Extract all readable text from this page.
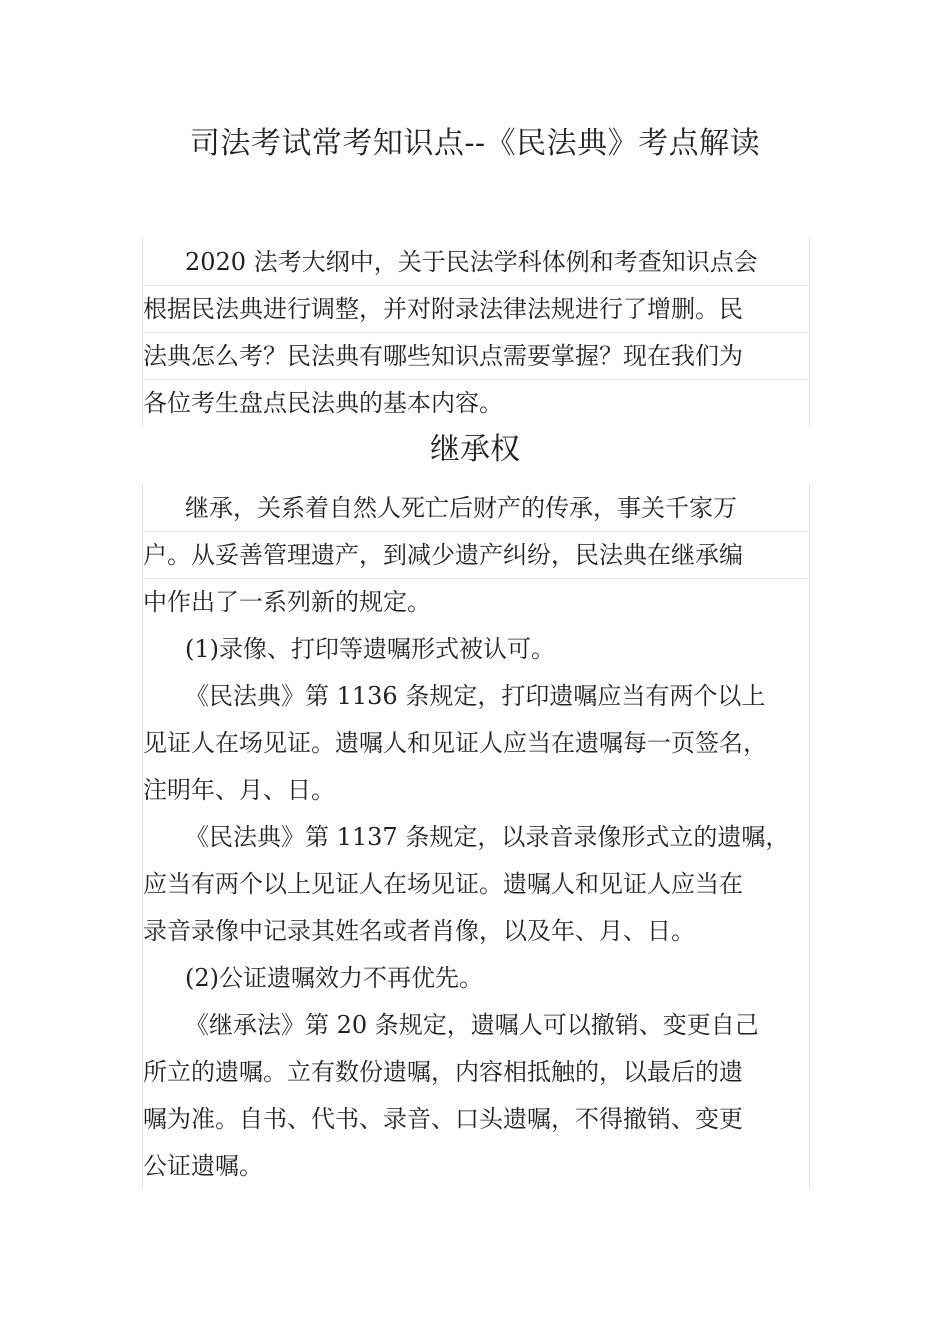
司法考试常考知识点--《民法典》考点解读
2020 法考大纲中，关于民法学科体例和考查知识点会
根据民法典进行调整，并对附录法律法规进行了增删。民
法典怎么考？民法典有哪些知识点需要掌握？现在我们为
各位考生盘点民法典的基本内容。
继承权
继承，关系着自然人死亡后财产的传承，事关千家万
户。从妥善管理遗产，到减少遗产纠纷，民法典在继承编
中作出了一系列新的规定。
(1)录像、打印等遗嘱形式被认可。
《民法典》第 1136 条规定，打印遗嘱应当有两个以上
见证人在场见证。遗嘱人和见证人应当在遗嘱每一页签名，
注明年、月、日。
《民法典》第 1137 条规定，以录音录像形式立的遗嘱，
应当有两个以上见证人在场见证。遗嘱人和见证人应当在
录音录像中记录其姓名或者肖像，以及年、月、日。
(2)公证遗嘱效力不再优先。
《继承法》第 20 条规定，遗嘱人可以撤销、变更自己
所立的遗嘱。立有数份遗嘱，内容相抵触的，以最后的遗
嘱为准。自书、代书、录音、口头遗嘱，不得撤销、变更
公证遗嘱。
